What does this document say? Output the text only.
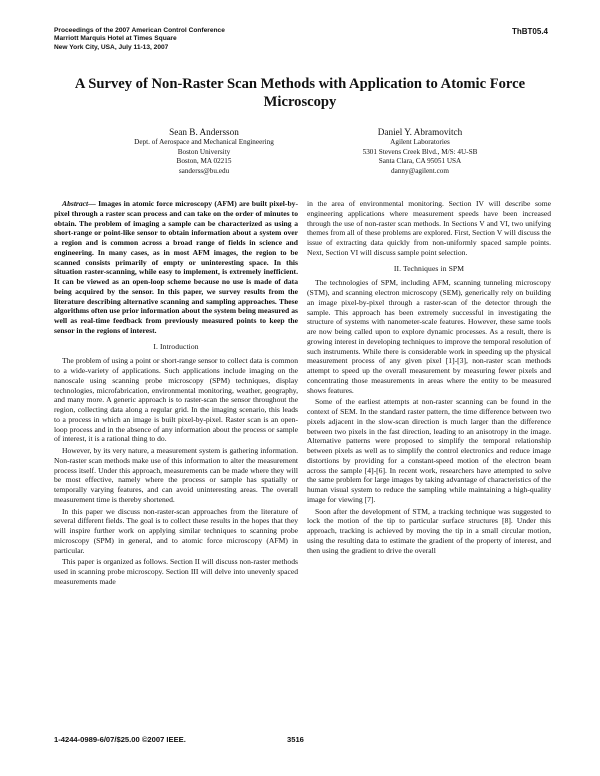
Proceedings of the 2007 American Control Conference
Marriott Marquis Hotel at Times Square
New York City, USA, July 11-13, 2007
ThBT05.4
A Survey of Non-Raster Scan Methods with Application to Atomic Force Microscopy
Sean B. Andersson
Dept. of Aerospace and Mechanical Engineering
Boston University
Boston, MA 02215
sanderss@bu.edu
Daniel Y. Abramovitch
Agilent Laboratories
5301 Stevens Creek Blvd., M/S: 4U-SB
Santa Clara, CA 95051 USA
danny@agilent.com

Abstract— Images in atomic force microscopy (AFM) are built pixel-by-pixel through a raster scan process and can take on the order of minutes to obtain. The problem of imaging a sample can be characterized as using a short-range or point-like sensor to obtain information about a system over a region and is common across a broad range of fields in science and engineering. In many cases, as in most AFM images, the region to be scanned consists primarily of empty or uninteresting space. In this situation raster-scanning, while easy to implement, is extremely inefficient. It can be viewed as an open-loop scheme because no use is made of data being acquired by the sensor. In this paper, we survey results from the literature describing alternative scanning and sampling approaches. These algorithms often use prior information about the system being measured as well as real-time feedback from previously measured points to keep the sensor in the regions of interest.

I. Introduction

The problem of using a point or short-range sensor to collect data is common to a wide-variety of applications. Such applications include imaging on the nanoscale using scanning probe microscopy (SPM) techniques, display technologies, microfabrication, environmental monitoring, weather, geography, and many more. A generic approach is to raster-scan the sensor throughout the region, collecting data along a regular grid. In the imaging scenario, this leads to a process in which an image is built pixel-by-pixel. Raster scan is an open-loop process and in the absence of any information about the process or sample of interest, it is a rational thing to do.

However, by its very nature, a measurement system is gathering information. Non-raster scan methods make use of this information to alter the measurement process itself. Under this approach, measurements can be made where they will be most effective, namely where the process or sample has spatially or temporally varying features, and can avoid uninteresting areas. The overall measurement time is thereby shortened.

In this paper we discuss non-raster-scan approaches from the literature of several different fields. The goal is to collect these results in the hopes that they will inspire further work on applying similar techniques to scanning probe microscopy (SPM) in general, and to atomic force microscopy (AFM) in particular.

This paper is organized as follows. Section II will discuss non-raster methods used in scanning probe microscopy. Section III will delve into unevenly spaced measurements made

in the area of environmental monitoring. Section IV will describe some engineering applications where measurement speeds have been increased through the use of non-raster scan methods. In Sections V and VI, two unifying themes from all of these problems are explored. First, Section V will discuss the issue of extracting data quickly from non-uniformly spaced sample points. Next, Section VI will discuss sample point selection.

II. Techniques in SPM

The technologies of SPM, including AFM, scanning tunneling microscopy (STM), and scanning electron microscopy (SEM), generically rely on building an image pixel-by-pixel through a raster-scan of the detector through the sample. This approach has been extremely successful in investigating the structure of systems with nanometer-scale features. However, these same tools are now being called upon to explore dynamic processes. As a result, there is growing interest in developing techniques to improve the temporal resolution of such instruments. While there is considerable work in speeding up the physical measurement process of any given pixel [1]-[3], non-raster scan methods attempt to speed up the overall measurement by measuring fewer pixels and concentrating those measurements in areas where the entity to be measured shows features.

Some of the earliest attempts at non-raster scanning can be found in the context of SEM. In the standard raster pattern, the time difference between two pixels adjacent in the slow-scan direction is much larger than the difference between two pixels in the fast direction, leading to an anisotropy in the image. Alternative patterns were proposed to simplify the temporal relationship between pixels as well as to simplify the control electronics and reduce image distortions by providing for a constant-speed motion of the electron beam across the sample [4]-[6]. In recent work, researchers have attempted to solve the same problem for large images by taking advantage of characteristics of the human visual system to reduce the sampling while maintaining a high-quality image for viewing [7].

Soon after the development of STM, a tracking technique was suggested to lock the motion of the tip to particular surface structures [8]. Under this approach, tracking is achieved by moving the tip in a small circular motion, using the resulting data to estimate the gradient of the property of interest, and then using the gradient to drive the overall

1-4244-0989-6/07/$25.00 ©2007 IEEE.	3516
